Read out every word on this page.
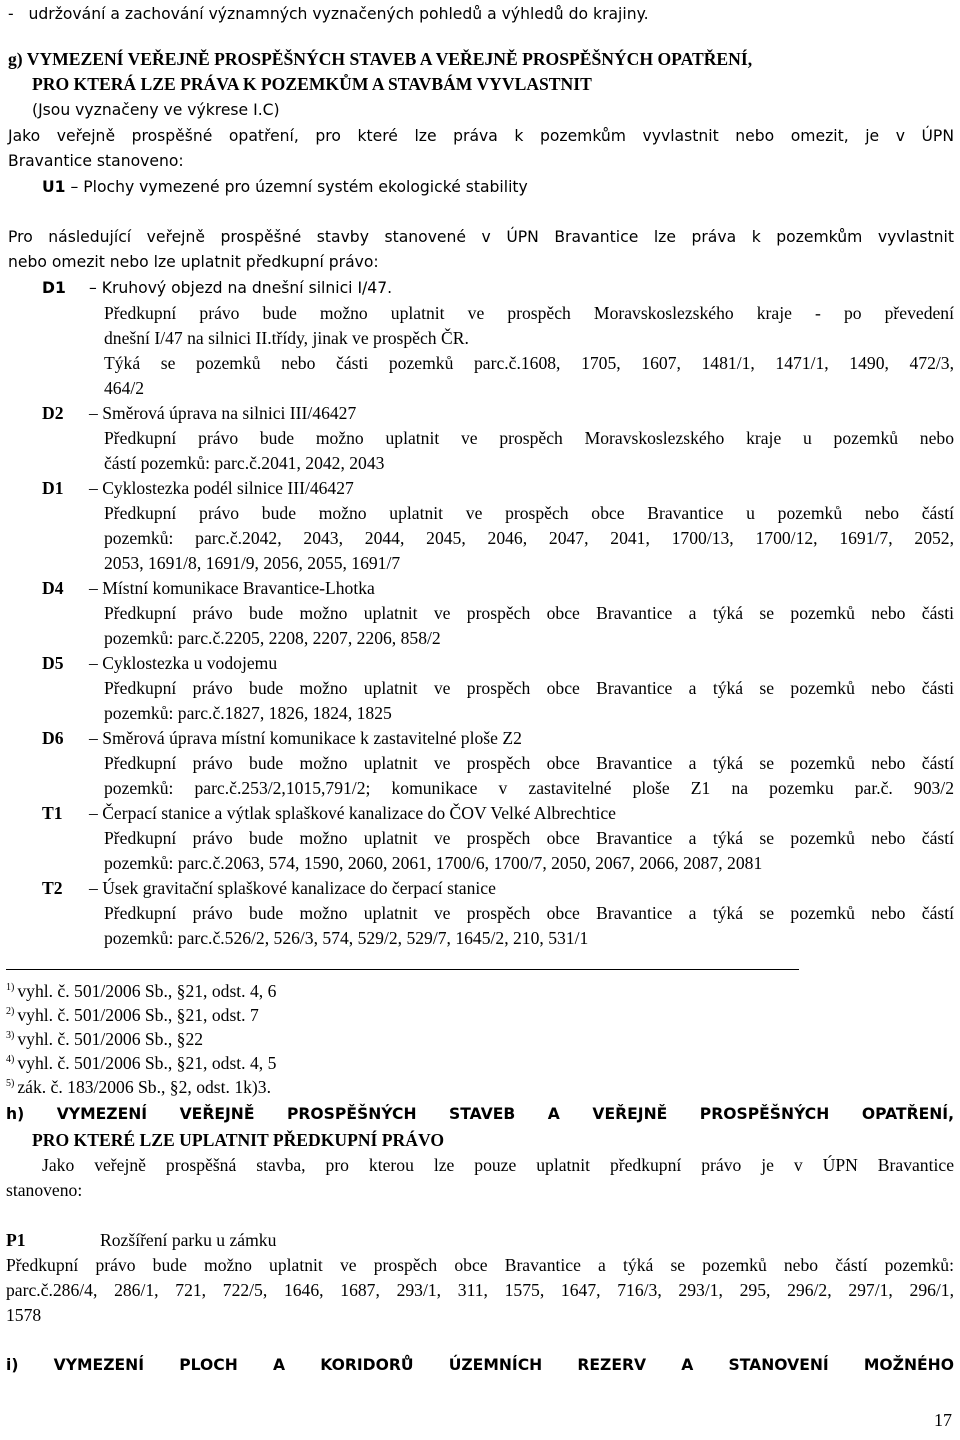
-   udržování a zachování významných vyznačených pohledů a výhledů do krajiny.
g) VYMEZENÍ VEŘEJNĚ PROSPĚŠNÝCH STAVEB A VEŘEJNĚ PROSPĚŠNÝCH OPATŘENÍ,
PRO KTERÁ LZE PRÁVA K POZEMKŮM A STAVBÁM VYVLASTNIT
(Jsou vyznačeny ve výkrese I.C)
Jako veřejně prospěšné opatření, pro které lze práva k pozemkům vyvlastnit nebo omezit, je v ÚPN
Bravantice stanoveno:
U1 – Plochy vymezené pro územní systém ekologické stability
Pro následující veřejně prospěšné stavby stanovené v ÚPN Bravantice lze práva k pozemkům vyvlastnit
nebo omezit nebo lze uplatnit předkupní právo:
D1 – Kruhový objezd na dnešní silnici I/47.
Předkupní právo bude možno uplatnit ve prospěch Moravskoslezského kraje - po převedení
dnešní I/47 na silnici II.třídy, jinak ve prospěch ČR.
Týká se pozemků nebo části pozemků parc.č.1608, 1705, 1607, 1481/1, 1471/1, 1490, 472/3,
464/2
D2 – Směrová úprava na silnici III/46427
Předkupní právo bude možno uplatnit ve prospěch Moravskoslezského kraje u pozemků nebo
částí pozemků: parc.č.2041, 2042, 2043
D1 – Cyklostezka podél silnice III/46427
Předkupní právo bude možno uplatnit ve prospěch obce Bravantice u pozemků nebo částí
pozemků: parc.č.2042, 2043, 2044, 2045, 2046, 2047, 2041, 1700/13, 1700/12, 1691/7, 2052,
2053, 1691/8, 1691/9, 2056, 2055, 1691/7
D4 – Místní komunikace Bravantice-Lhotka
Předkupní právo bude možno uplatnit ve prospěch obce Bravantice a týká se pozemků nebo části
pozemků: parc.č.2205, 2208, 2207, 2206, 858/2
D5 – Cyklostezka u vodojemu
Předkupní právo bude možno uplatnit ve prospěch obce Bravantice a týká se pozemků nebo části
pozemků: parc.č.1827, 1826, 1824, 1825
D6 – Směrová úprava místní komunikace k zastavitelné ploše Z2
Předkupní právo bude možno uplatnit ve prospěch obce Bravantice a týká se pozemků nebo částí
pozemků: parc.č.253/2,1015,791/2; komunikace v zastavitelné ploše Z1 na pozemku par.č. 903/2
T1 – Čerpací stanice a výtlak splaškové kanalizace do ČOV Velké Albrechtice
Předkupní právo bude možno uplatnit ve prospěch obce Bravantice a týká se pozemků nebo částí
pozemků: parc.č.2063, 574, 1590, 2060, 2061, 1700/6, 1700/7, 2050, 2067, 2066, 2087, 2081
T2 – Úsek gravitační splaškové kanalizace do čerpací stanice
Předkupní právo bude možno uplatnit ve prospěch obce Bravantice a týká se pozemků nebo částí
pozemků: parc.č.526/2, 526/3, 574, 529/2, 529/7, 1645/2, 210, 531/1
$^{1)}$ vyhl. č. 501/2006 Sb., §21, odst. 4, 6
$^{2)}$ vyhl. č. 501/2006 Sb., §21, odst. 7
$^{3)}$ vyhl. č. 501/2006 Sb., §22
$^{4)}$ vyhl. č. 501/2006 Sb., §21, odst. 4, 5
$^{5)}$ zák. č. 183/2006 Sb., §2, odst. 1k)3.
h) VYMEZENÍ VEŘEJNĚ PROSPĚŠNÝCH STAVEB A VEŘEJNĚ PROSPĚŠNÝCH OPATŘENÍ,
PRO KTERÉ LZE UPLATNIT PŘEDKUPNÍ PRÁVO
Jako veřejně prospěšná stavba, pro kterou lze pouze uplatnit předkupní právo je v ÚPN Bravantice
stanoveno:
P1	Rozšíření parku u zámku
Předkupní právo bude možno uplatnit ve prospěch obce Bravantice a týká se pozemků nebo částí pozemků:
parc.č.286/4, 286/1, 721, 722/5, 1646, 1687, 293/1, 311, 1575, 1647, 716/3, 293/1, 295, 296/2, 297/1, 296/1,
1578
i) VYMEZENÍ PLOCH A KORIDORŮ ÚZEMNÍCH REZERV A STANOVENÍ MOŽNÉHO
17
